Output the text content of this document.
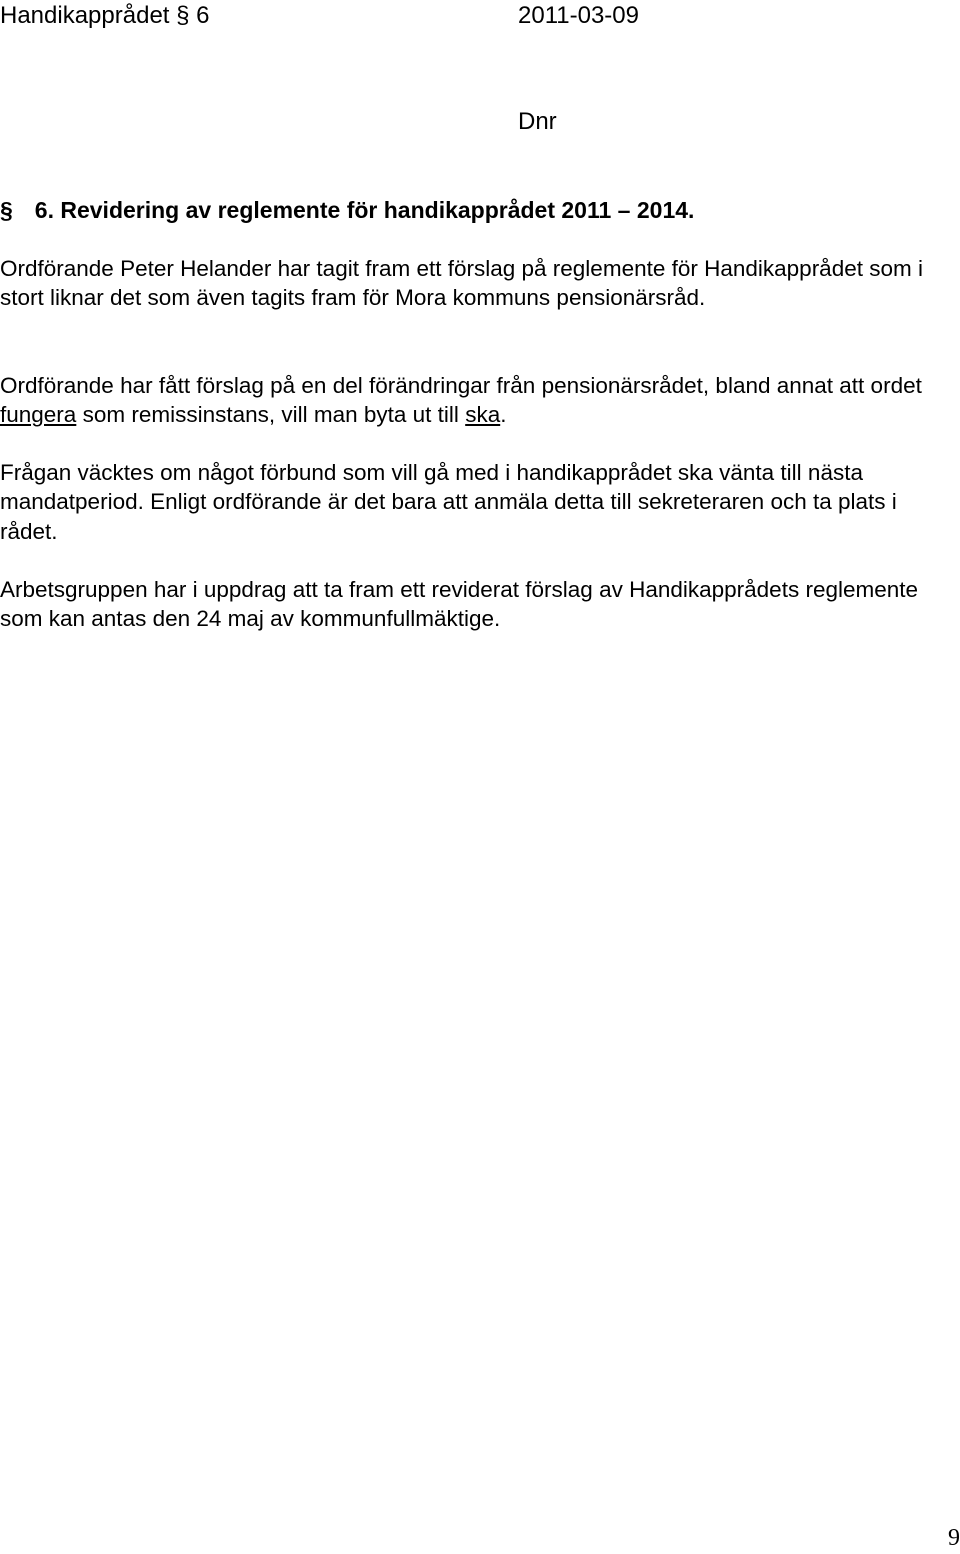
Handikapprådet § 6	2011-03-09
Dnr
§ 6. Revidering av reglemente för handikapprådet 2011 – 2014.

Ordförande Peter Helander har tagit fram ett förslag på reglemente för Handikapprådet som i stort liknar det som även tagits fram för Mora kommuns pensionärsråd.

Ordförande har fått förslag på en del förändringar från pensionärsrådet, bland annat att ordet fungera som remissinstans, vill man byta ut till ska.

Frågan väcktes om något förbund som vill gå med i handikapprådet ska vänta till nästa mandatperiod. Enligt ordförande är det bara att anmäla detta till sekreteraren och ta plats i rådet.

Arbetsgruppen har i uppdrag att ta fram ett reviderat förslag av Handikapprådets reglemente som kan antas den 24 maj av kommunfullmäktige.

9
